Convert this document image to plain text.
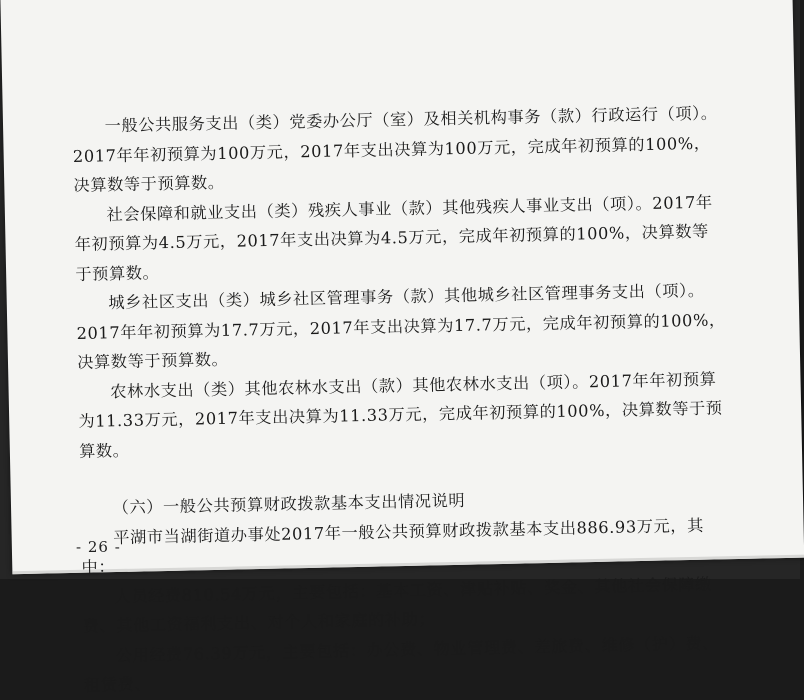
一般公共服务支出（类）党委办公厅（室）及相关机构事务（款）行政运行（项）。2017年年初预算为100万元，2017年支出决算为100万元，完成年初预算的100%，决算数等于预算数。

社会保障和就业支出（类）残疾人事业（款）其他残疾人事业支出（项）。2017年年初预算为4.5万元，2017年支出决算为4.5万元，完成年初预算的100%，决算数等于预算数。

城乡社区支出（类）城乡社区管理事务（款）其他城乡社区管理事务支出（项）。2017年年初预算为17.7万元，2017年支出决算为17.7万元，完成年初预算的100%，决算数等于预算数。

农林水支出（类）其他农林水支出（款）其他农林水支出（项）。2017年年初预算为11.33万元，2017年支出决算为11.33万元，完成年初预算的100%，决算数等于预算数。

（六）一般公共预算财政拨款基本支出情况说明

平湖市当湖街道办事处2017年一般公共预算财政拨款基本支出886.93万元，其中：

人员经费810.54万元，主要包括：基本工资、津贴补贴、奖金、其他社会保障缴费、其他工资福利支出、对个人和家庭的补助；

公用经费76.39万元，主要包括：办公费、物业管理费、差旅费、维修（护）费、租赁费、

- 26 -
